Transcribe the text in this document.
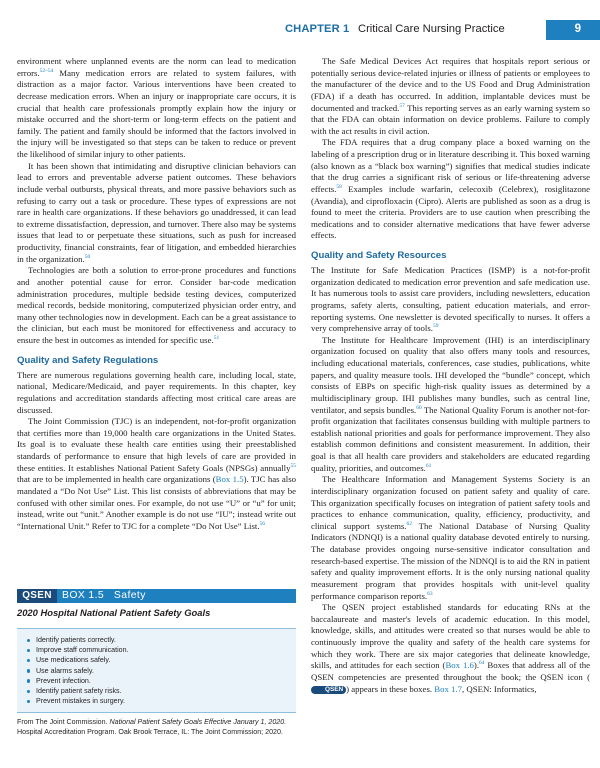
CHAPTER 1 Critical Care Nursing Practice	9

environment where unplanned events are the norm can lead to medication errors.$^{52-54}$ Many medication errors are related to system failures, with distraction as a major factor. Various interventions have been created to decrease medication errors. When an injury or inappropriate care occurs, it is crucial that health care professionals promptly explain how the injury or mistake occurred and the short-term or long-term effects on the patient and family. The patient and family should be informed that the factors involved in the injury will be investigated so that steps can be taken to reduce or prevent the likelihood of similar injury to other patients.

It has been shown that intimidating and disruptive clinician behaviors can lead to errors and preventable adverse patient outcomes. These behaviors include verbal outbursts, physical threats, and more passive behaviors such as refusing to carry out a task or procedure. These types of expressions are not rare in health care organizations. If these behaviors go unaddressed, it can lead to extreme dissatisfaction, depression, and turnover. There also may be systems issues that lead to or perpetuate these situations, such as push for increased productivity, financial constraints, fear of litigation, and embedded hierarchies in the organization.$^{50}$

Technologies are both a solution to error-prone procedures and functions and another potential cause for error. Consider bar-code medication administration procedures, multiple bedside testing devices, computerized medical records, bedside monitoring, computerized physician order entry, and many other technologies now in development. Each can be a great assistance to the clinician, but each must be monitored for effectiveness and accuracy to ensure the best in outcomes as intended for specific use.$^{51}$

Quality and Safety Regulations

There are numerous regulations governing health care, including local, state, national, Medicare/Medicaid, and payer requirements. In this chapter, key regulations and accreditation standards affecting most critical care areas are discussed.

The Joint Commission (TJC) is an independent, not-for-profit organization that certifies more than 19,000 health care organizations in the United States. Its goal is to evaluate these health care entities using their preestablished standards of performance to ensure that high levels of care are provided in these entities. It establishes National Patient Safety Goals (NPSGs) annually$^{55}$ that are to be implemented in health care organizations (Box 1.5). TJC has also mandated a “Do Not Use” List. This list consists of abbreviations that may be confused with other similar ones. For example, do not use “U” or “u” for unit; instead, write out “unit.” Another example is do not use “IU”; instead write out “International Unit.” Refer to TJC for a complete “Do Not Use” List.$^{56}$

QSEN BOX 1.5   Safety
2020 Hospital National Patient Safety Goals
Identify patients correctly.
Improve staff communication.
Use medications safely.
Use alarms safely.
Prevent infection.
Identify patient safety risks.
Prevent mistakes in surgery.
From The Joint Commission. National Patient Safety Goals Effective January 1, 2020. Hospital Accreditation Program. Oak Brook Terrace, IL: The Joint Commission; 2020.

The Safe Medical Devices Act requires that hospitals report serious or potentially serious device-related injuries or illness of patients or employees to the manufacturer of the device and to the US Food and Drug Administration (FDA) if a death has occurred. In addition, implantable devices must be documented and tracked.$^{57}$ This reporting serves as an early warning system so that the FDA can obtain information on device problems. Failure to comply with the act results in civil action.

The FDA requires that a drug company place a boxed warning on the labeling of a prescription drug or in literature describing it. This boxed warning (also known as a “black box warning”) signifies that medical studies indicate that the drug carries a significant risk of serious or life-threatening adverse effects.$^{58}$ Examples include warfarin, celecoxib (Celebrex), rosiglitazone (Avandia), and ciprofloxacin (Cipro). Alerts are published as soon as a drug is found to meet the criteria. Providers are to use caution when prescribing the medications and to consider alternative medications that have fewer adverse effects.

Quality and Safety Resources

The Institute for Safe Medication Practices (ISMP) is a not-for-profit organization dedicated to medication error prevention and safe medication use. It has numerous tools to assist care providers, including newsletters, education programs, safety alerts, consulting, patient education materials, and error-reporting systems. One newsletter is devoted specifically to nurses. It offers a very comprehensive array of tools.$^{59}$

The Institute for Healthcare Improvement (IHI) is an interdisciplinary organization focused on quality that also offers many tools and resources, including educational materials, conferences, case studies, publications, white papers, and quality measure tools. IHI developed the “bundle” concept, which consists of EBPs on specific high-risk quality issues as determined by a multidisciplinary group. IHI publishes many bundles, such as central line, ventilator, and sepsis bundles.$^{60}$ The National Quality Forum is another not-for-profit organization that facilitates consensus building with multiple partners to establish national priorities and goals for performance improvement. They also establish common definitions and consistent measurement. In addition, their goal is that all health care providers and stakeholders are educated regarding quality, priorities, and outcomes.$^{61}$

The Healthcare Information and Management Systems Society is an interdisciplinary organization focused on patient safety and quality of care. This organization specifically focuses on integration of patient safety tools and practices to enhance communication, quality, efficiency, productivity, and clinical support systems.$^{62}$ The National Database of Nursing Quality Indicators (NDNQI) is a national quality database devoted entirely to nursing. The database provides ongoing nurse-sensitive indicator consultation and research-based expertise. The mission of the NDNQI is to aid the RN in patient safety and quality improvement efforts. It is the only nursing national quality measurement program that provides hospitals with unit-level quality performance comparison reports.$^{63}$

The QSEN project established standards for educating RNs at the baccalaureate and master's levels of academic education. In this model, knowledge, skills, and attitudes were created so that nurses would be able to continuously improve the quality and safety of the health care systems for which they work. There are six major categories that delineate knowledge, skills, and attitudes for each section (Box 1.6).$^{64}$ Boxes that address all of the QSEN competencies are presented throughout the book; the QSEN icon (QSEN ) appears in these boxes. Box 1.7, QSEN: Informatics,
